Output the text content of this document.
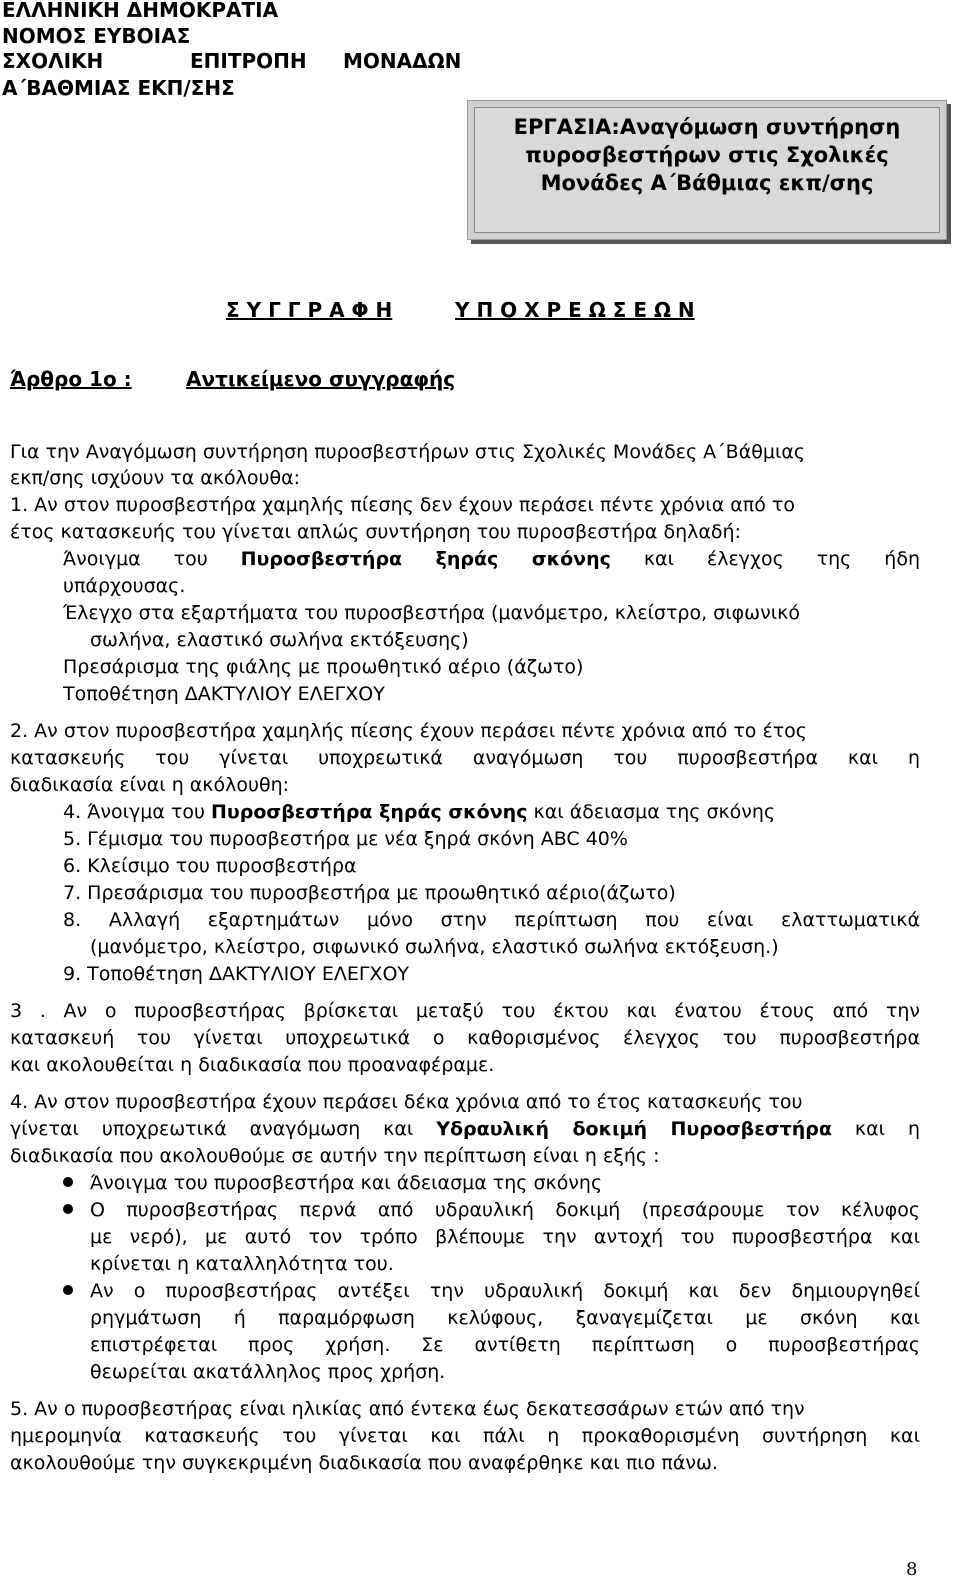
ΕΛΛΗΝΙΚΗ ΔΗΜΟΚΡΑΤΙΑ
ΝΟΜΟΣ ΕΥΒΟΙΑΣ
ΣΧΟΛΙΚΗ	ΕΠΙΤΡΟΠΗ ΜΟΝΑΔΩΝ
Α΄ΒΑΘΜΙΑΣ ΕΚΠ/ΣΗΣ
ΕΡΓΑΣΙΑ:Αναγόμωση συντήρηση
πυροσβεστήρων στις Σχολικές
Μονάδες Α΄Βάθμιας εκπ/σης
Σ Υ Γ Γ Ρ Α Φ Η	Υ Π Ο Χ Ρ Ε Ω Σ Ε Ω Ν
Άρθρο 1ο :	Αντικείμενο συγγραφής
Για την Αναγόμωση συντήρηση πυροσβεστήρων στις Σχολικές Μονάδες Α΄Βάθμιας
εκπ/σης ισχύουν τα ακόλουθα:
1. Αν στον πυροσβεστήρα χαμηλής πίεσης δεν έχουν περάσει πέντε χρόνια από το
έτος κατασκευής του γίνεται απλώς συντήρηση του πυροσβεστήρα δηλαδή:
Άνοιγμα του Πυροσβεστήρα ξηράς σκόνης και έλεγχος της ήδη
υπάρχουσας.
Έλεγχο στα εξαρτήματα του πυροσβεστήρα (μανόμετρο, κλείστρο, σιφωνικό
σωλήνα, ελαστικό σωλήνα εκτόξευσης)
Πρεσάρισμα της φιάλης με προωθητικό αέριο (άζωτο)
Τοποθέτηση ΔΑΚΤΥΛΙΟΥ ΕΛΕΓΧΟΥ
2. Αν στον πυροσβεστήρα χαμηλής πίεσης έχουν περάσει πέντε χρόνια από το έτος
κατασκευής του γίνεται υποχρεωτικά αναγόμωση του πυροσβεστήρα και η
διαδικασία είναι η ακόλουθη:
4. Άνοιγμα του Πυροσβεστήρα ξηράς σκόνης και άδειασμα της σκόνης
5. Γέμισμα του πυροσβεστήρα με νέα ξηρά σκόνη ABC 40%
6. Κλείσιμο του πυροσβεστήρα
7. Πρεσάρισμα του πυροσβεστήρα με προωθητικό αέριο(άζωτο)
8. Αλλαγή εξαρτημάτων μόνο στην περίπτωση που είναι ελαττωματικά
(μανόμετρο, κλείστρο, σιφωνικό σωλήνα, ελαστικό σωλήνα εκτόξευση.)
9. Τοποθέτηση ΔΑΚΤΥΛΙΟΥ ΕΛΕΓΧΟΥ
3 . Αν ο πυροσβεστήρας βρίσκεται μεταξύ του έκτου και ένατου έτους από την
κατασκευή του γίνεται υποχρεωτικά ο καθορισμένος έλεγχος του πυροσβεστήρα
και ακολουθείται η διαδικασία που προαναφέραμε.
4. Αν στον πυροσβεστήρα έχουν περάσει δέκα χρόνια από το έτος κατασκευής του
γίνεται υποχρεωτικά αναγόμωση και Υδραυλική δοκιμή Πυροσβεστήρα και η
διαδικασία που ακολουθούμε σε αυτήν την περίπτωση είναι η εξής :
Άνοιγμα του πυροσβεστήρα και άδειασμα της σκόνης
Ο πυροσβεστήρας περνά από υδραυλική δοκιμή (πρεσάρουμε τον κέλυφος
με νερό), με αυτό τον τρόπο βλέπουμε την αντοχή του πυροσβεστήρα και
κρίνεται η καταλληλότητα του.
Αν ο πυροσβεστήρας αντέξει την υδραυλική δοκιμή και δεν δημιουργηθεί
ρηγμάτωση ή παραμόρφωση κελύφους, ξαναγεμίζεται με σκόνη και
επιστρέφεται προς χρήση. Σε αντίθετη περίπτωση ο πυροσβεστήρας
θεωρείται ακατάλληλος προς χρήση.
5. Αν ο πυροσβεστήρας είναι ηλικίας από έντεκα έως δεκατεσσάρων ετών από την
ημερομηνία κατασκευής του γίνεται και πάλι η προκαθορισμένη συντήρηση και
ακολουθούμε την συγκεκριμένη διαδικασία που αναφέρθηκε και πιο πάνω.
8
